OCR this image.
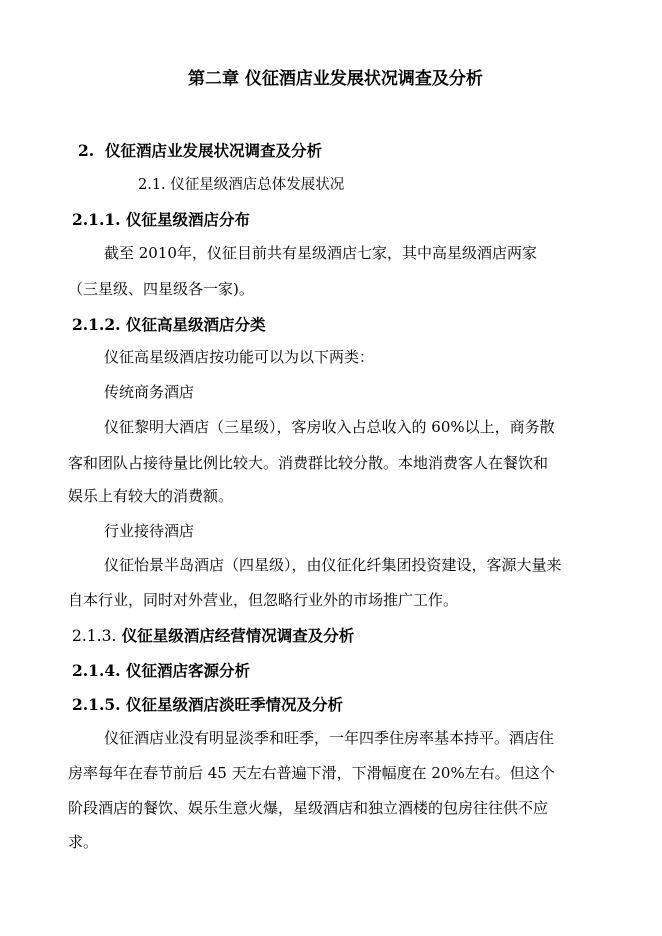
第二章 仪征酒店业发展状况调查及分析
2. 仪征酒店业发展状况调查及分析
2.1. 仪征星级酒店总体发展状况
2.1.1. 仪征星级酒店分布
截至 2010年，仪征目前共有星级酒店七家，其中高星级酒店两家
（三星级、四星级各一家)。
2.1.2. 仪征高星级酒店分类
仪征高星级酒店按功能可以为以下两类：
传统商务酒店
仪征黎明大酒店（三星级），客房收入占总收入的 60%以上，商务散
客和团队占接待量比例比较大。消费群比较分散。本地消费客人在餐饮和
娱乐上有较大的消费额。
行业接待酒店
仪征怡景半岛酒店（四星级），由仪征化纤集团投资建设，客源大量来
自本行业，同时对外营业，但忽略行业外的市场推广工作。
2.1.3. 仪征星级酒店经营情况调查及分析
2.1.4. 仪征酒店客源分析
2.1.5. 仪征星级酒店淡旺季情况及分析
仪征酒店业没有明显淡季和旺季，一年四季住房率基本持平。酒店住
房率每年在春节前后 45 天左右普遍下滑，下滑幅度在 20%左右。但这个
阶段酒店的餐饮、娱乐生意火爆，星级酒店和独立酒楼的包房往往供不应
求。
